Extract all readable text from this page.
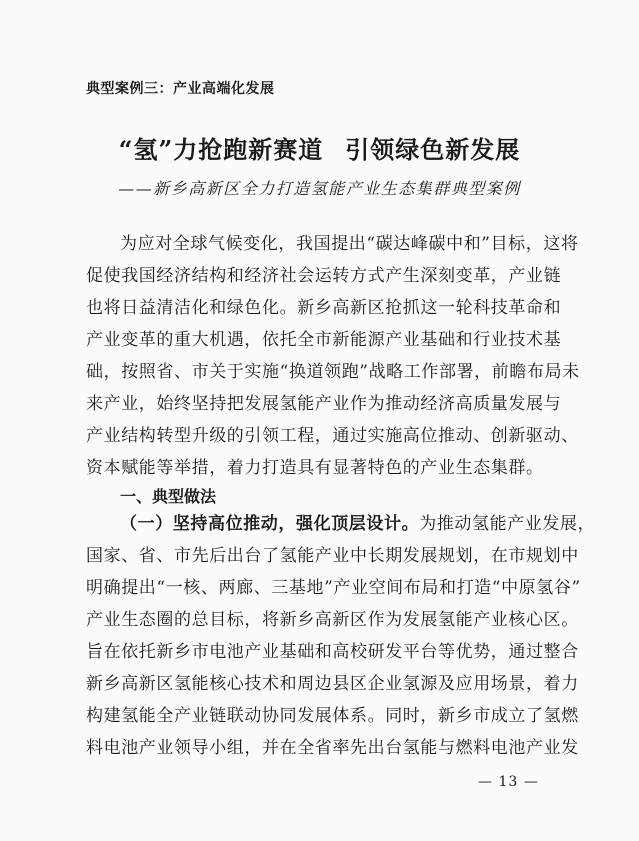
典型案例三：产业高端化发展
“氢”力抢跑新赛道 引领绿色新发展
——新乡高新区全力打造氢能产业生态集群典型案例
为应对全球气候变化，我国提出“碳达峰碳中和”目标，这将
促使我国经济结构和经济社会运转方式产生深刻变革，产业链
也将日益清洁化和绿色化。新乡高新区抢抓这一轮科技革命和
产业变革的重大机遇，依托全市新能源产业基础和行业技术基
础，按照省、市关于实施“换道领跑”战略工作部署，前瞻布局未
来产业，始终坚持把发展氢能产业作为推动经济高质量发展与
产业结构转型升级的引领工程，通过实施高位推动、创新驱动、
资本赋能等举措，着力打造具有显著特色的产业生态集群。
一、典型做法
（一）坚持高位推动，强化顶层设计。为推动氢能产业发展，
国家、省、市先后出台了氢能产业中长期发展规划，在市规划中
明确提出“一核、两廊、三基地”产业空间布局和打造“中原氢谷”
产业生态圈的总目标，将新乡高新区作为发展氢能产业核心区。
旨在依托新乡市电池产业基础和高校研发平台等优势，通过整合
新乡高新区氢能核心技术和周边县区企业氢源及应用场景，着力
构建氢能全产业链联动协同发展体系。同时，新乡市成立了氢燃
料电池产业领导小组，并在全省率先出台氢能与燃料电池产业发
— 13 —
